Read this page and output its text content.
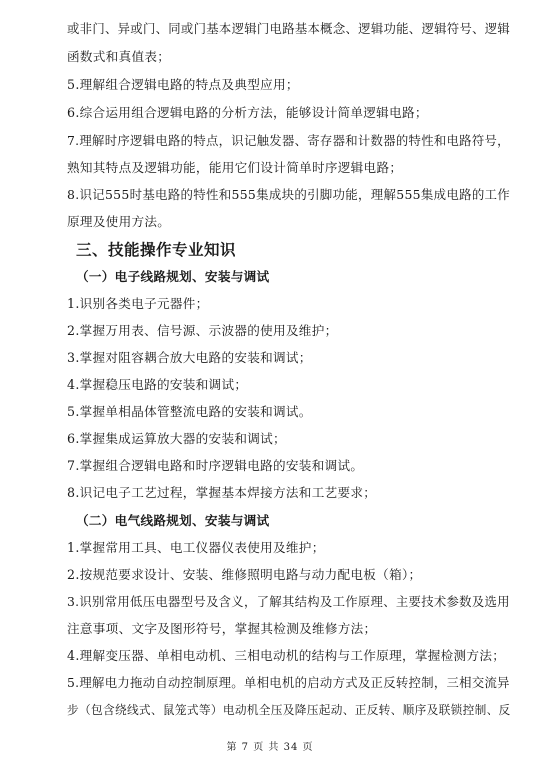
或非门、异或门、同或门基本逻辑门电路基本概念、逻辑功能、逻辑符号、逻辑
函数式和真值表；
5.理解组合逻辑电路的特点及典型应用；
6.综合运用组合逻辑电路的分析方法，能够设计简单逻辑电路；
7.理解时序逻辑电路的特点，识记触发器、寄存器和计数器的特性和电路符号，
熟知其特点及逻辑功能，能用它们设计简单时序逻辑电路；
8.识记555时基电路的特性和555集成块的引脚功能，理解555集成电路的工作
原理及使用方法。
三、技能操作专业知识
（一）电子线路规划、安装与调试
1.识别各类电子元器件；
2.掌握万用表、信号源、示波器的使用及维护；
3.掌握对阻容耦合放大电路的安装和调试；
4.掌握稳压电路的安装和调试；
5.掌握单相晶体管整流电路的安装和调试。
6.掌握集成运算放大器的安装和调试；
7.掌握组合逻辑电路和时序逻辑电路的安装和调试。
8.识记电子工艺过程，掌握基本焊接方法和工艺要求；
（二）电气线路规划、安装与调试
1.掌握常用工具、电工仪器仪表使用及维护；
2.按规范要求设计、安装、维修照明电路与动力配电板（箱）；
3.识别常用低压电器型号及含义，了解其结构及工作原理、主要技术参数及选用
注意事项、文字及图形符号，掌握其检测及维修方法；
4.理解变压器、单相电动机、三相电动机的结构与工作原理，掌握检测方法；
5.理解电力拖动自动控制原理。单相电机的启动方式及正反转控制，三相交流异
步（包含绕线式、鼠笼式等）电动机全压及降压起动、正反转、顺序及联锁控制、反
第 7 页 共 34 页
